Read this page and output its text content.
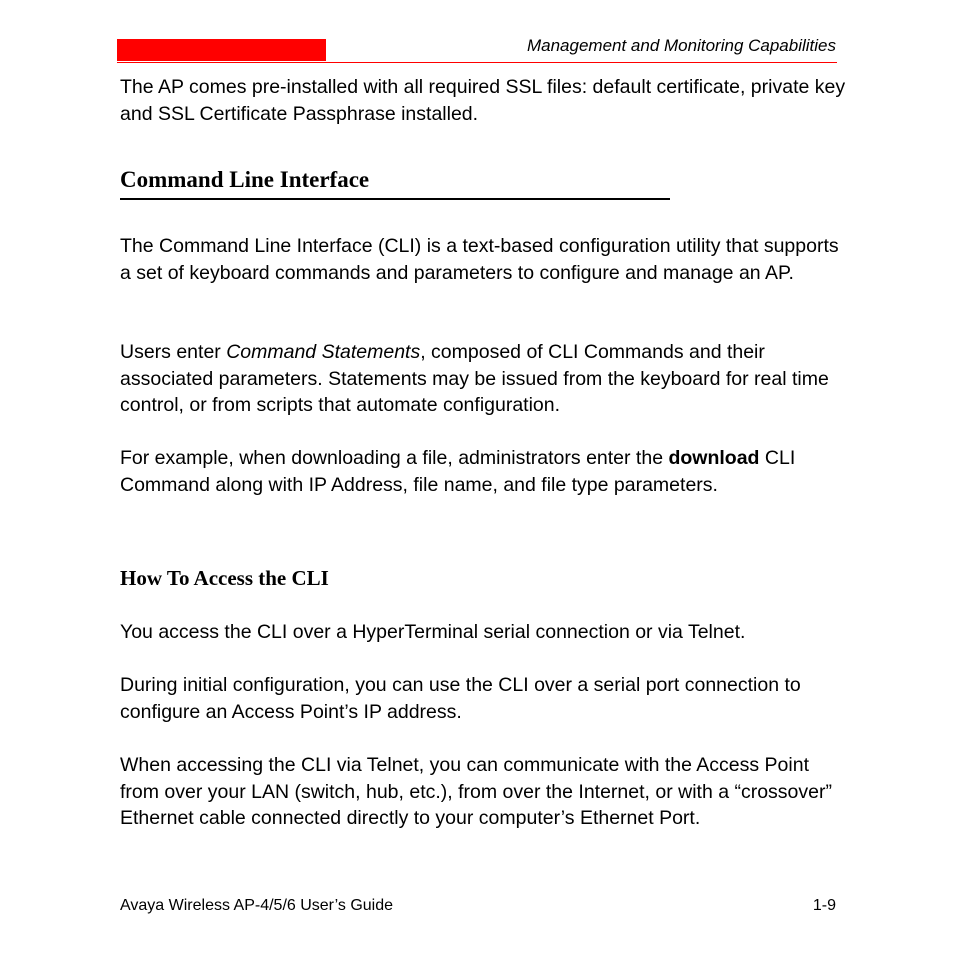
Management and Monitoring Capabilities

The AP comes pre-installed with all required SSL files: default certificate, private key and SSL Certificate Passphrase installed.

Command Line Interface

The Command Line Interface (CLI) is a text-based configuration utility that supports a set of keyboard commands and parameters to configure and manage an AP.

Users enter Command Statements, composed of CLI Commands and their associated parameters. Statements may be issued from the keyboard for real time control, or from scripts that automate configuration.

For example, when downloading a file, administrators enter the download CLI Command along with IP Address, file name, and file type parameters.

How To Access the CLI

You access the CLI over a HyperTerminal serial connection or via Telnet.

During initial configuration, you can use the CLI over a serial port connection to configure an Access Point’s IP address.

When accessing the CLI via Telnet, you can communicate with the Access Point from over your LAN (switch, hub, etc.), from over the Internet, or with a “crossover” Ethernet cable connected directly to your computer’s Ethernet Port.

Avaya Wireless AP-4/5/6 User’s Guide	1-9
